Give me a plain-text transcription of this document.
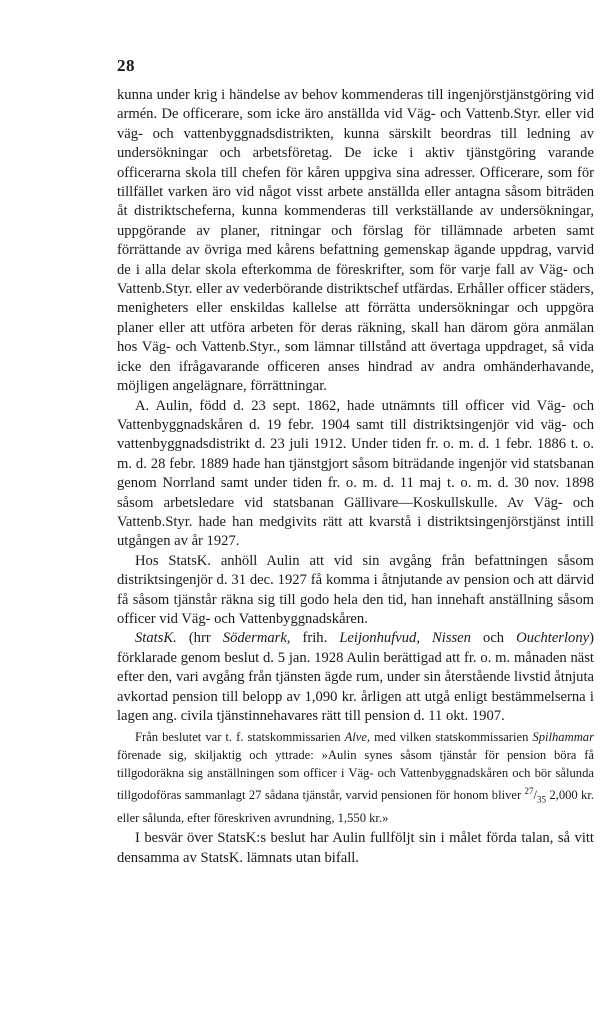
28

kunna under krig i händelse av behov kommenderas till ingenjörstjänstgöring vid armén. De officerare, som icke äro anställda vid Väg- och Vattenb.Styr. eller vid väg- och vattenbyggnadsdistrikten, kunna särskilt beordras till ledning av undersökningar och arbetsföretag. De icke i aktiv tjänstgöring varande officerarna skola till chefen för kåren uppgiva sina adresser. Officerare, som för tillfället varken äro vid något visst arbete anställda eller antagna såsom biträden åt distriktscheferna, kunna kommenderas till verkställande av undersökningar, uppgörande av planer, ritningar och förslag för tillämnade arbeten samt förrättande av övriga med kårens befattning gemenskap ägande uppdrag, varvid de i alla delar skola efterkomma de föreskrifter, som för varje fall av Väg- och Vattenb.Styr. eller av vederbörande distriktschef utfärdas. Erhåller officer städers, menigheters eller enskildas kallelse att förrätta undersökningar och uppgöra planer eller att utföra arbeten för deras räkning, skall han därom göra anmälan hos Väg- och Vattenb.Styr., som lämnar tillstånd att övertaga uppdraget, så vida icke den ifrågavarande officeren anses hindrad av andra omhänderhavande, möjligen angelägnare, förrättningar.

A. Aulin, född d. 23 sept. 1862, hade utnämnts till officer vid Väg- och Vattenbyggnadskåren d. 19 febr. 1904 samt till distriktsingenjör vid väg- och vattenbyggnadsdistrikt d. 23 juli 1912. Under tiden fr. o. m. d. 1 febr. 1886 t. o. m. d. 28 febr. 1889 hade han tjänstgjort såsom biträdande ingenjör vid statsbanan genom Norrland samt under tiden fr. o. m. d. 11 maj t. o. m. d. 30 nov. 1898 såsom arbetsledare vid statsbanan Gällivare—Koskullskulle. Av Väg- och Vattenb.Styr. hade han medgivits rätt att kvarstå i distriktsingenjörstjänst intill utgången av år 1927.

Hos StatsK. anhöll Aulin att vid sin avgång från befattningen såsom distriktsingenjör d. 31 dec. 1927 få komma i åtnjutande av pension och att därvid få såsom tjänstår räkna sig till godo hela den tid, han innehaft anställning såsom officer vid Väg- och Vattenbyggnadskåren.

StatsK. (hrr Södermark, frih. Leijonhufvud, Nissen och Ouchterlony) förklarade genom beslut d. 5 jan. 1928 Aulin berättigad att fr. o. m. månaden näst efter den, vari avgång från tjänsten ägde rum, under sin återstående livstid åtnjuta avkortad pension till belopp av 1,090 kr. årligen att utgå enligt bestämmelserna i lagen ang. civila tjänstinnehavares rätt till pension d. 11 okt. 1907.

Från beslutet var t. f. statskommissarien Alve, med vilken statskommissarien Spilhammar förenade sig, skiljaktig och yttrade: »Aulin synes såsom tjänstår för pension böra få tillgodoräkna sig anställningen som officer i Väg- och Vattenbyggnadskåren och bör sålunda tillgodoföras sammanlagt 27 sådana tjänstår, varvid pensionen för honom bliver $^{27}/_{35}$ 2,000 kr. eller sålunda, efter föreskriven avrundning, 1,550 kr.»

I besvär över StatsK:s beslut har Aulin fullföljt sin i målet förda talan, så vitt densamma av StatsK. lämnats utan bifall.
